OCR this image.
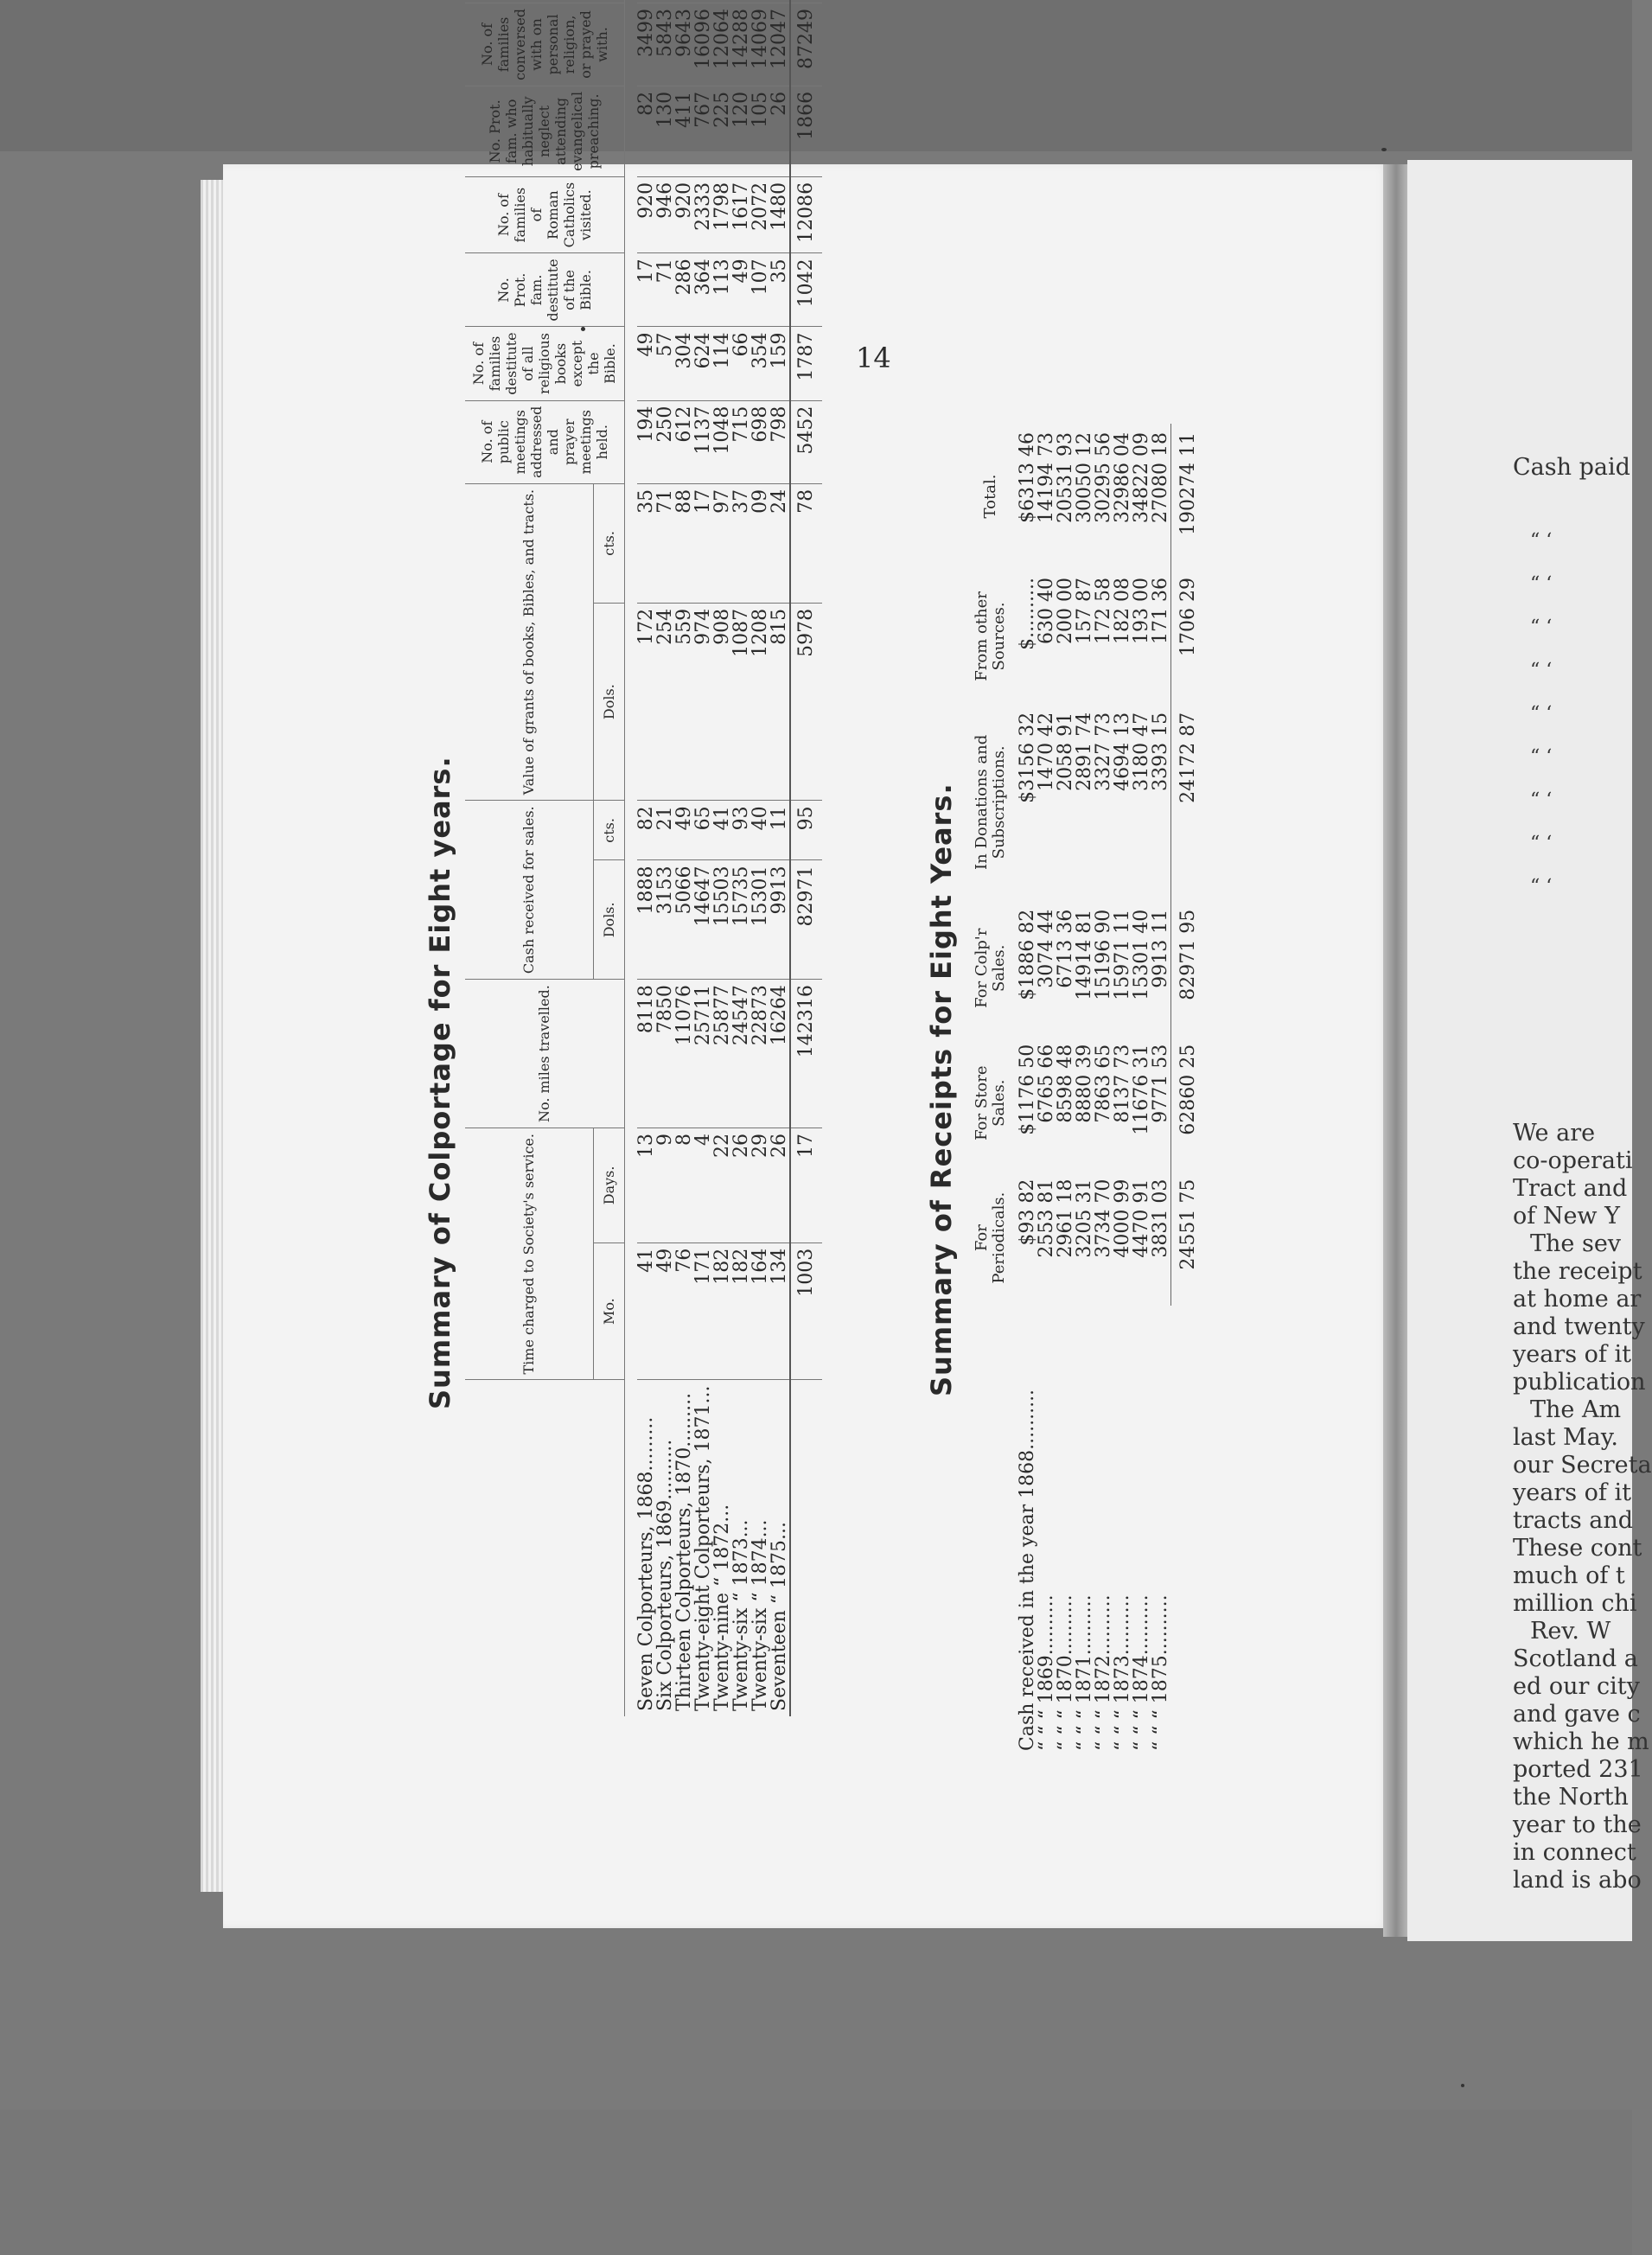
14
Summary of Colportage for Eight years.
		Time charged to Society's service.		No. miles travelled.	Cash received for sales.		Value of grants of books, Bibles, and tracts.		No. of public meetings addressed and prayer meetings held.	No. of families destitute of all religious books except the Bible.	No. Prot. fam. destitute of the Bible.	No. of families of Roman Catholics visited.	No. Prot. fam. who habitually neglect attending evangelical preaching.	No. of families conversed with on personal religion, or prayed with.	
	Mo.	Days.		Dols.	cts.	Dols.	cts.							

Seven Colporteurs, 1868.........	41	13	8118	1888	82	172	35	194	49	17	920	82	3499	
Six Colporteurs, 1869..........	49	9	7850	3153	21	254	71	250	57	71	946	130	5843	
Thirteen Colporteurs, 1870.........	76	8	11076	5066	49	559	88	612	304	286	920	411	9643	
Twenty-eight Colporteurs, 1871...	171	4	25711	14647	65	974	17	1137	624	364	2333	767	16096	
Twenty-nine “ 1872...	182	22	25877	15503	41	908	97	1048	114	113	1798	225	12064	
Twenty-six “ 1873...	182	26	24547	15735	93	1087	37	715	66	49	1617	120	14288	
Twenty-six “ 1874...	164	29	22873	15301	40	1208	09	698	354	107	2072	105	14069	
Seventeen “ 1875...	134	26	16264	9913	11	815	24	798	159	35	1480	26	12047	
	1003	17	142316	82971	95	5978	78	5452	1787	1042	12086	1866	87249	
Summary of Receipts for Eight Years.
	For Periodicals.	For Store Sales.	For Colp'r Sales.	In Donations and Subscriptions.	From other Sources.	Total.
Cash received in the year 1868..........	$93 82	$1176 50	$1886 82	$3156 32	$..........	$6313 46
“ “ “ 1869..........	2553 81	6765 66	3074 44	1470 42	630 40	14194 73
“ “ “ 1870..........	2961 18	8598 48	6713 36	2058 91	200 00	20531 93
“ “ “ 1871..........	3205 31	8880 39	14914 81	2891 74	157 87	30050 12
“ “ “ 1872..........	3734 70	7863 65	15196 90	3327 73	172 58	30295 56
“ “ “ 1873..........	4000 99	8137 73	15971 11	4694 13	182 08	32986 04
“ “ “ 1874..........	4470 91	11676 31	15301 40	3180 47	193 00	34822 09
“ “ “ 1875..........	3831 03	9771 53	9913 11	3393 15	171 36	27080 18
	24551 75	62860 25	82971 95	24172 87	1706 29	190274 11	Cash paid
“ ‘
“ ‘
“ ‘
“ ‘
“ ‘
“ ‘
“ ‘
“ ‘
“ ‘
We are
co-operati
Tract and
of New Y
The sev
the receipt
at home ar
and twenty
years of it
publication
The Am
last May.
our Secreta
years of it
tracts and
These cont
much of t
million chi
Rev. W
Scotland a
ed our city
and gave c
which he m
ported 231
the North
year to the
in connect
land is abo
